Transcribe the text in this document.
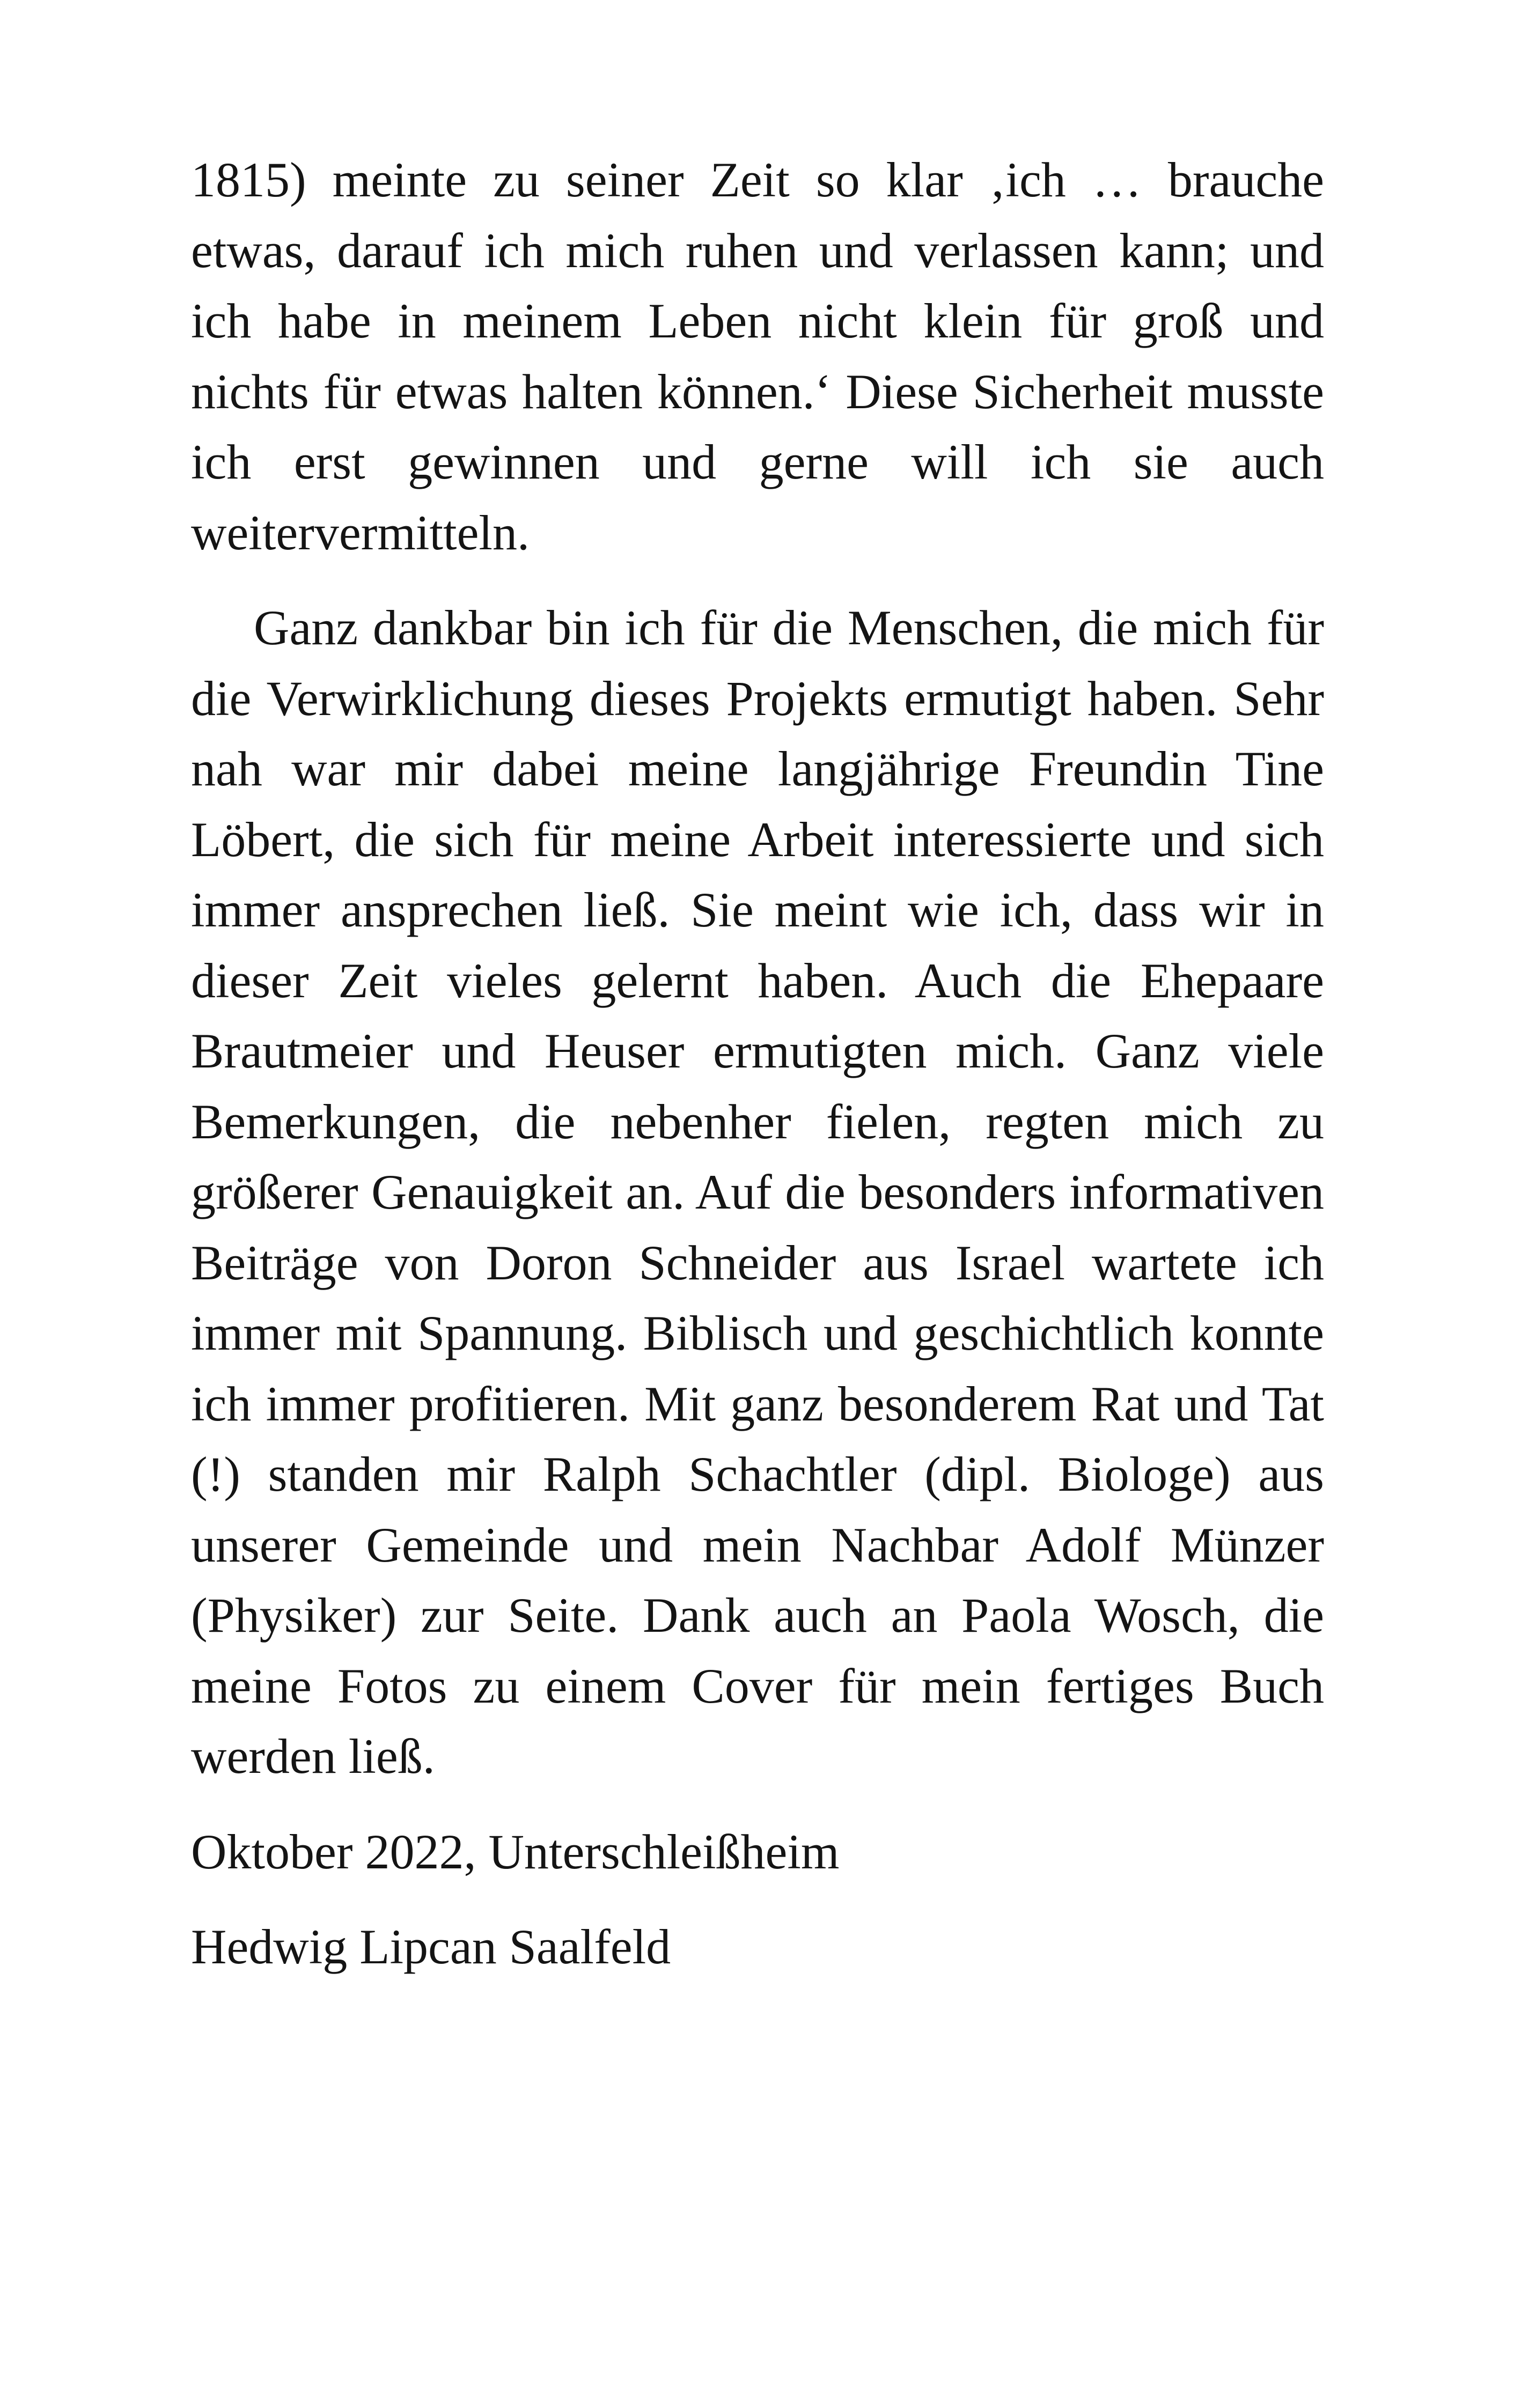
1815) meinte zu seiner Zeit so klar ‚ich … brauche etwas, darauf ich mich ruhen und verlassen kann; und ich habe in meinem Leben nicht klein für groß und nichts für etwas halten können.‘ Diese Sicherheit musste ich erst gewinnen und gerne will ich sie auch weitervermitteln.

Ganz dankbar bin ich für die Menschen, die mich für die Verwirklichung dieses Projekts ermutigt haben. Sehr nah war mir dabei meine langjährige Freundin Tine Löbert, die sich für meine Arbeit interessierte und sich immer ansprechen ließ. Sie meint wie ich, dass wir in dieser Zeit vieles gelernt haben. Auch die Ehepaare Brautmeier und Heuser ermutigten mich. Ganz viele Bemerkungen, die nebenher fielen, regten mich zu größerer Genauigkeit an. Auf die besonders informativen Beiträge von Doron Schneider aus Israel wartete ich immer mit Spannung. Biblisch und geschichtlich konnte ich immer profitieren. Mit ganz besonderem Rat und Tat (!) standen mir Ralph Schachtler (dipl. Biologe) aus unserer Gemeinde und mein Nachbar Adolf Münzer (Physiker) zur Seite. Dank auch an Paola Wosch, die meine Fotos zu einem Cover für mein fertiges Buch werden ließ.

Oktober 2022, Unterschleißheim

Hedwig Lipcan Saalfeld
